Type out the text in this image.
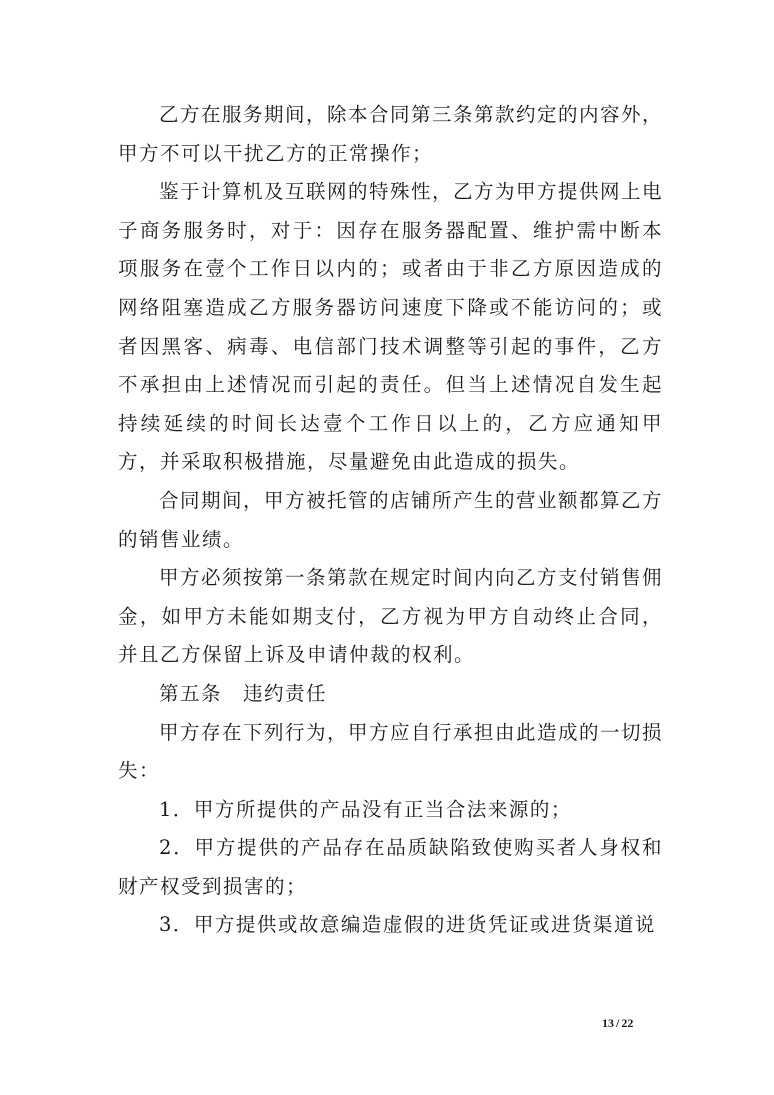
乙方在服务期间，除本合同第三条第款约定的内容外，甲方不可以干扰乙方的正常操作；

鉴于计算机及互联网的特殊性，乙方为甲方提供网上电子商务服务时，对于：因存在服务器配置、维护需中断本项服务在壹个工作日以内的；或者由于非乙方原因造成的网络阻塞造成乙方服务器访问速度下降或不能访问的；或者因黑客、病毒、电信部门技术调整等引起的事件，乙方不承担由上述情况而引起的责任。但当上述情况自发生起持续延续的时间长达壹个工作日以上的，乙方应通知甲方，并采取积极措施，尽量避免由此造成的损失。

合同期间，甲方被托管的店铺所产生的营业额都算乙方的销售业绩。

甲方必须按第一条第款在规定时间内向乙方支付销售佣金，如甲方未能如期支付，乙方视为甲方自动终止合同，并且乙方保留上诉及申请仲裁的权利。

第五条　违约责任

甲方存在下列行为，甲方应自行承担由此造成的一切损失：

1．甲方所提供的产品没有正当合法来源的；

2．甲方提供的产品存在品质缺陷致使购买者人身权和财产权受到损害的；

3．甲方提供或故意编造虚假的进货凭证或进货渠道说

13 / 22
